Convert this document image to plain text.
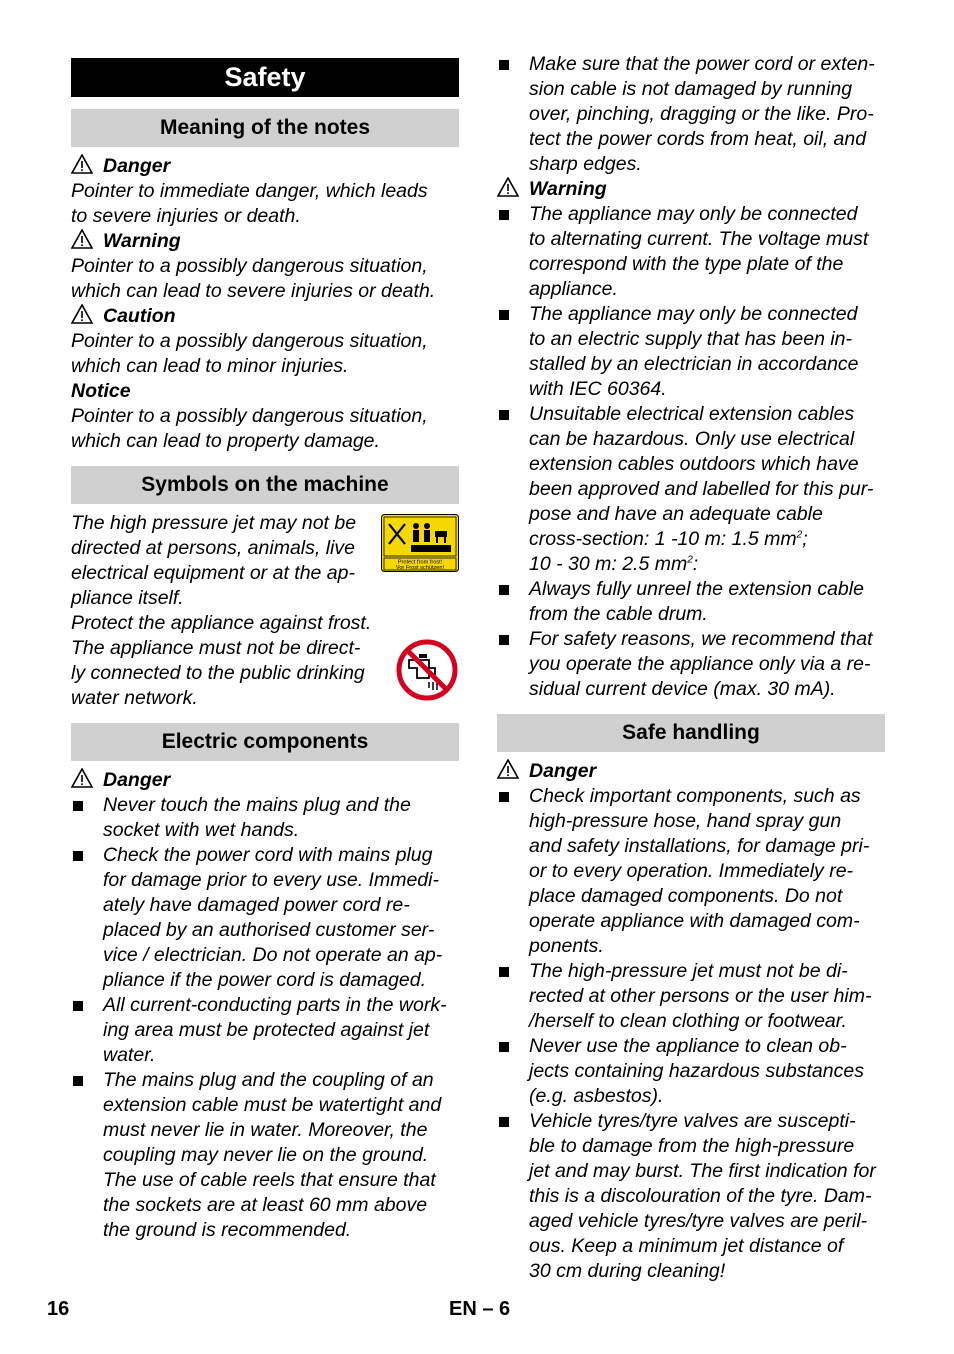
Safety
Meaning of the notes
Danger
Pointer to immediate danger, which leads
to severe injuries or death.
Warning
Pointer to a possibly dangerous situation,
which can lead to severe injuries or death.
Caution
Pointer to a possibly dangerous situation,
which can lead to minor injuries.
Notice
Pointer to a possibly dangerous situation,
which can lead to property damage.
Symbols on the machine
The high pressure jet may not be
directed at persons, animals, live
electrical equipment or at the ap-
pliance itself.
Protect from frost!
Vor Frost schützen!
Protect the appliance against frost.
The appliance must not be direct-
ly connected to the public drinking
water network.
Electric components
Danger
Never touch the mains plug and the
socket with wet hands.
Check the power cord with mains plug
for damage prior to every use. Immedi-
ately have damaged power cord re-
placed by an authorised customer ser-
vice / electrician. Do not operate an ap-
pliance if the power cord is damaged.
All current-conducting parts in the work-
ing area must be protected against jet
water.
The mains plug and the coupling of an
extension cable must be watertight and
must never lie in water. Moreover, the
coupling may never lie on the ground.
The use of cable reels that ensure that
the sockets are at least 60 mm above
the ground is recommended.
Make sure that the power cord or exten-
sion cable is not damaged by running
over, pinching, dragging or the like. Pro-
tect the power cords from heat, oil, and
sharp edges.
Warning
The appliance may only be connected
to alternating current. The voltage must
correspond with the type plate of the
appliance.
The appliance may only be connected
to an electric supply that has been in-
stalled by an electrician in accordance
with IEC 60364.
Unsuitable electrical extension cables
can be hazardous. Only use electrical
extension cables outdoors which have
been approved and labelled for this pur-
pose and have an adequate cable
cross-section: 1 -10 m: 1.5 $mm^2$;
10 - 30 m: 2.5 $mm^2$:
Always fully unreel the extension cable
from the cable drum.
For safety reasons, we recommend that
you operate the appliance only via a re-
sidual current device (max. 30 mA).
Safe handling
Danger
Check important components, such as
high-pressure hose, hand spray gun
and safety installations, for damage pri-
or to every operation. Immediately re-
place damaged components. Do not
operate appliance with damaged com-
ponents.
The high-pressure jet must not be di-
rected at other persons or the user him-
/herself to clean clothing or footwear.
Never use the appliance to clean ob-
jects containing hazardous substances
(e.g. asbestos).
Vehicle tyres/tyre valves are suscepti-
ble to damage from the high-pressure
jet and may burst. The first indication for
this is a discolouration of the tyre. Dam-
aged vehicle tyres/tyre valves are peril-
ous. Keep a minimum jet distance of
30 cm during cleaning!
16	EN – 6
